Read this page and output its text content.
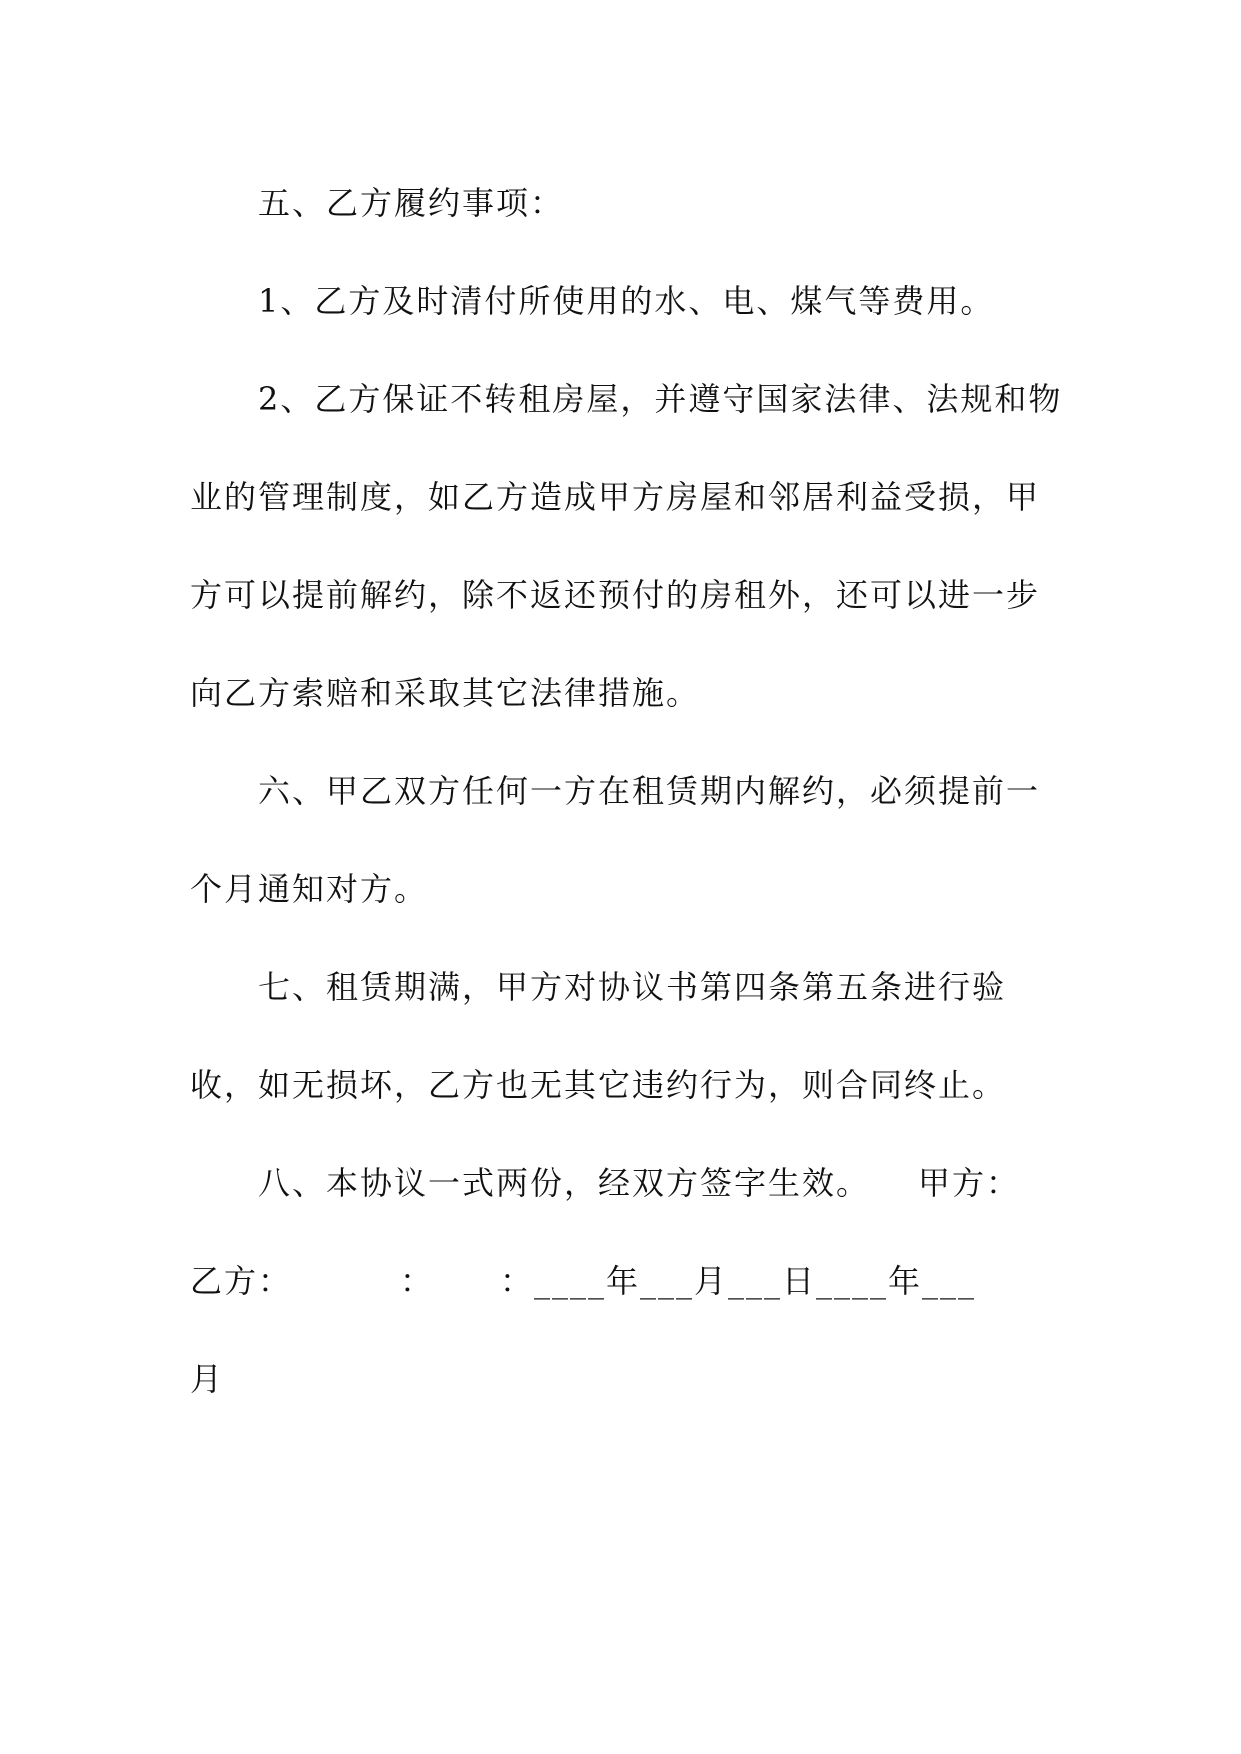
五、乙方履约事项：
1、乙方及时清付所使用的水、电、煤气等费用。
2、乙方保证不转租房屋，并遵守国家法律、法规和物
业的管理制度，如乙方造成甲方房屋和邻居利益受损，甲
方可以提前解约，除不返还预付的房租外，还可以进一步
向乙方索赔和采取其它法律措施。
六、甲乙双方任何一方在租赁期内解约，必须提前一
个月通知对方。
七、租赁期满，甲方对协议书第四条第五条进行验
收，如无损坏，乙方也无其它违约行为，则合同终止。
八、本协议一式两份，经双方签字生效。 甲方：
乙方：	： ：____年___月___日____年___
月
